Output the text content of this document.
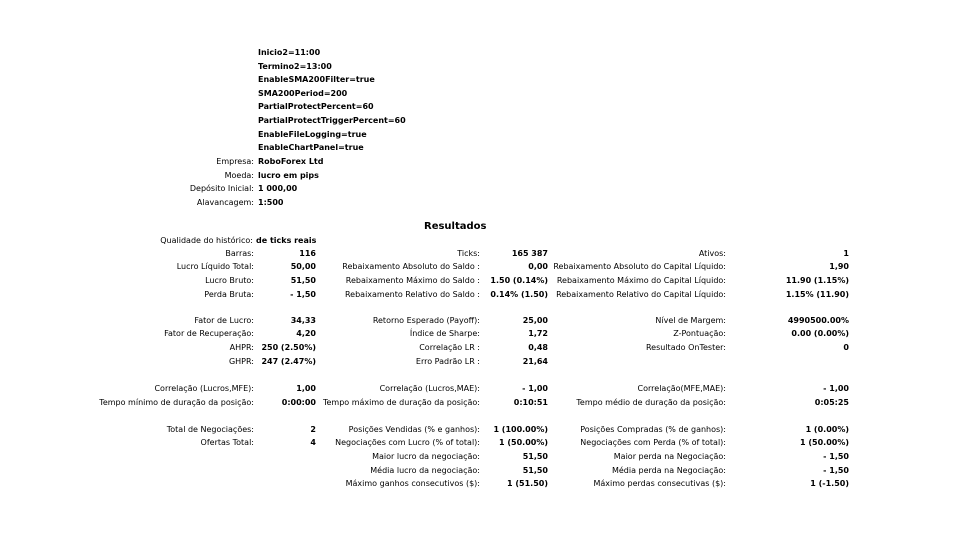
Inicio2=11:00
Termino2=13:00
EnableSMA200Filter=true
SMA200Period=200
PartialProtectPercent=60
PartialProtectTriggerPercent=60
EnableFileLogging=true
EnableChartPanel=true
Empresa: RoboForex Ltd
Moeda: lucro em pips
Depósito Inicial: 1 000,00
Alavancagem: 1:500
Resultados
Qualidade do histórico: de ticks reais
Barras:	116	Ticks:	165 387	Ativos:	1
Lucro Líquido Total:	50,00	Rebaixamento Absoluto do Saldo :	0,00 Rebaixamento Absoluto do Capital Líquido:	1,90
Lucro Bruto:	51,50	Rebaixamento Máximo do Saldo : 1.50 (0.14%) Rebaixamento Máximo do Capital Líquido:	11.90 (1.15%)
Perda Bruta:	- 1,50	Rebaixamento Relativo do Saldo : 0.14% (1.50) Rebaixamento Relativo do Capital Líquido:	1.15% (11.90)
Fator de Lucro:	34,33	Retorno Esperado (Payoff):	25,00	Nível de Margem:	4990500.00%
Fator de Recuperação:	4,20	Índice de Sharpe:	1,72	Z-Pontuação:	0.00 (0.00%)
AHPR: 250 (2.50%)	Correlação LR :	0,48	Resultado OnTester:	0
GHPR: 247 (2.47%)	Erro Padrão LR :	21,64
Correlação (Lucros,MFE):	1,00	Correlação (Lucros,MAE):	- 1,00	Correlação(MFE,MAE):	- 1,00
Tempo mínimo de duração da posição:	0:00:00 Tempo máximo de duração da posição:	0:10:51	Tempo médio de duração da posição:	0:05:25
Total de Negociações:	2	Posições Vendidas (% e ganhos): 1 (100.00%)	Posições Compradas (% de ganhos):	1 (0.00%)
Ofertas Total:	4 Negociações com Lucro (% of total): 1 (50.00%)	Negociações com Perda (% of total):	1 (50.00%)
Maior lucro da negociação:	51,50	Maior perda na Negociação:	- 1,50
Média lucro da negociação:	51,50	Média perda na Negociação:	- 1,50
Máximo ganhos consecutivos ($):	1 (51.50)	Máximo perdas consecutivas ($):	1 (-1.50)
